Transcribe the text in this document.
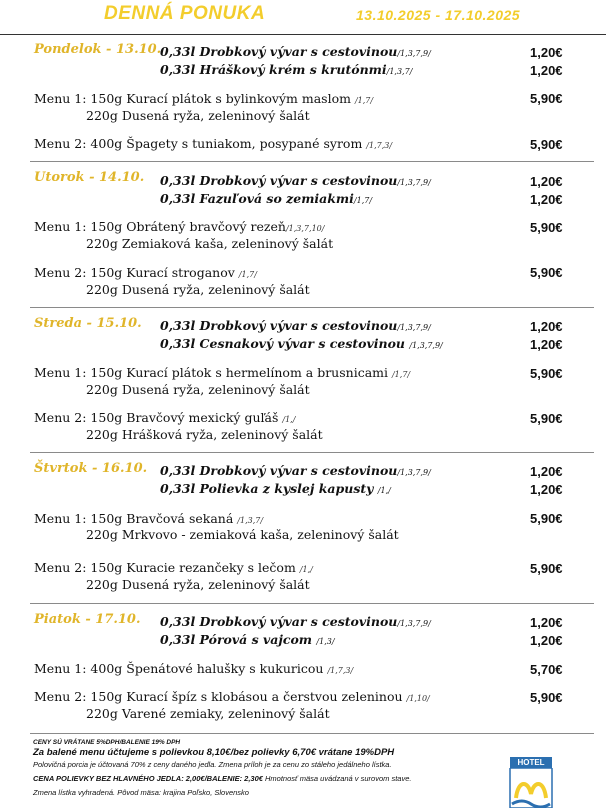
DENNÁ PONUKA	13.10.2025 - 17.10.2025
Pondelok - 13.10.
0,33l Drobkový vývar s cestovinou/1,3,7,9/	1,20€
0,33l Hráškový krém s krutónmi/1,3,7/	1,20€
Menu 1: 150g Kurací plátok s bylinkovým maslom /1,7/	5,90€
220g Dusená ryža, zeleninový šalát
Menu 2: 400g Špagety s tuniakom, posypané syrom /1,7,3/	5,90€
Utorok - 14.10. 0,33l Drobkový vývar s cestovinou/1,3,7,9/	1,20€
0,33l Fazuľová so zemiakmi/1,7/	1,20€
Menu 1: 150g Obrátený bravčový rezeň/1,3,7,10/	5,90€
220g Zemiaková kaša, zeleninový šalát
Menu 2: 150g Kurací stroganov /1,7/	5,90€
220g Dusená ryža, zeleninový šalát
Streda - 15.10. 0,33l Drobkový vývar s cestovinou/1,3,7,9/	1,20€
0,33l Cesnakový vývar s cestovinou /1,3,7,9/	1,20€
Menu 1: 150g Kurací plátok s hermelínom a brusnicami /1,7/	5,90€
220g Dusená ryža, zeleninový šalát
Menu 2: 150g Bravčový mexický guľáš /1,/	5,90€
220g Hrášková ryža, zeleninový šalát
Štvrtok - 16.10. 0,33l Drobkový vývar s cestovinou/1,3,7,9/	1,20€
0,33l Polievka z kyslej kapusty /1,/	1,20€
Menu 1: 150g Bravčová sekaná /1,3,7/	5,90€
220g Mrkvovo - zemiaková kaša, zeleninový šalát
Menu 2: 150g Kuracie rezančeky s lečom /1,/	5,90€
220g Dusená ryža, zeleninový šalát
Piatok - 17.10. 0,33l Drobkový vývar s cestovinou/1,3,7,9/	1,20€
0,33l Pórová s vajcom /1,3/	1,20€
Menu 1: 400g Špenátové halušky s kukuricou /1,7,3/	5,70€
Menu 2: 150g Kurací špíz s klobásou a čerstvou zeleninou /1,10/	5,90€
220g Varené zemiaky, zeleninový šalát
CENY SÚ VRÁTANE 5%DPH/BALENIE 19% DPH
Za balené menu účtujeme s polievkou 8,10€/bez polievky 6,70€ vrátane 19%DPH
Polovičná porcia je účtovaná 70% z ceny daného jedla. Zmena príloh je za cenu zo stáleho jedálneho lístka.
CENA POLIEVKY BEZ HLAVNÉHO JEDLA: 2,00€/BALENIE: 2,30€ Hmotnosť mäsa uvádzaná v surovom stave.
Zmena lístka vyhradená. Pôvod mäsa: krajina Poľsko, Slovensko
HOTEL
